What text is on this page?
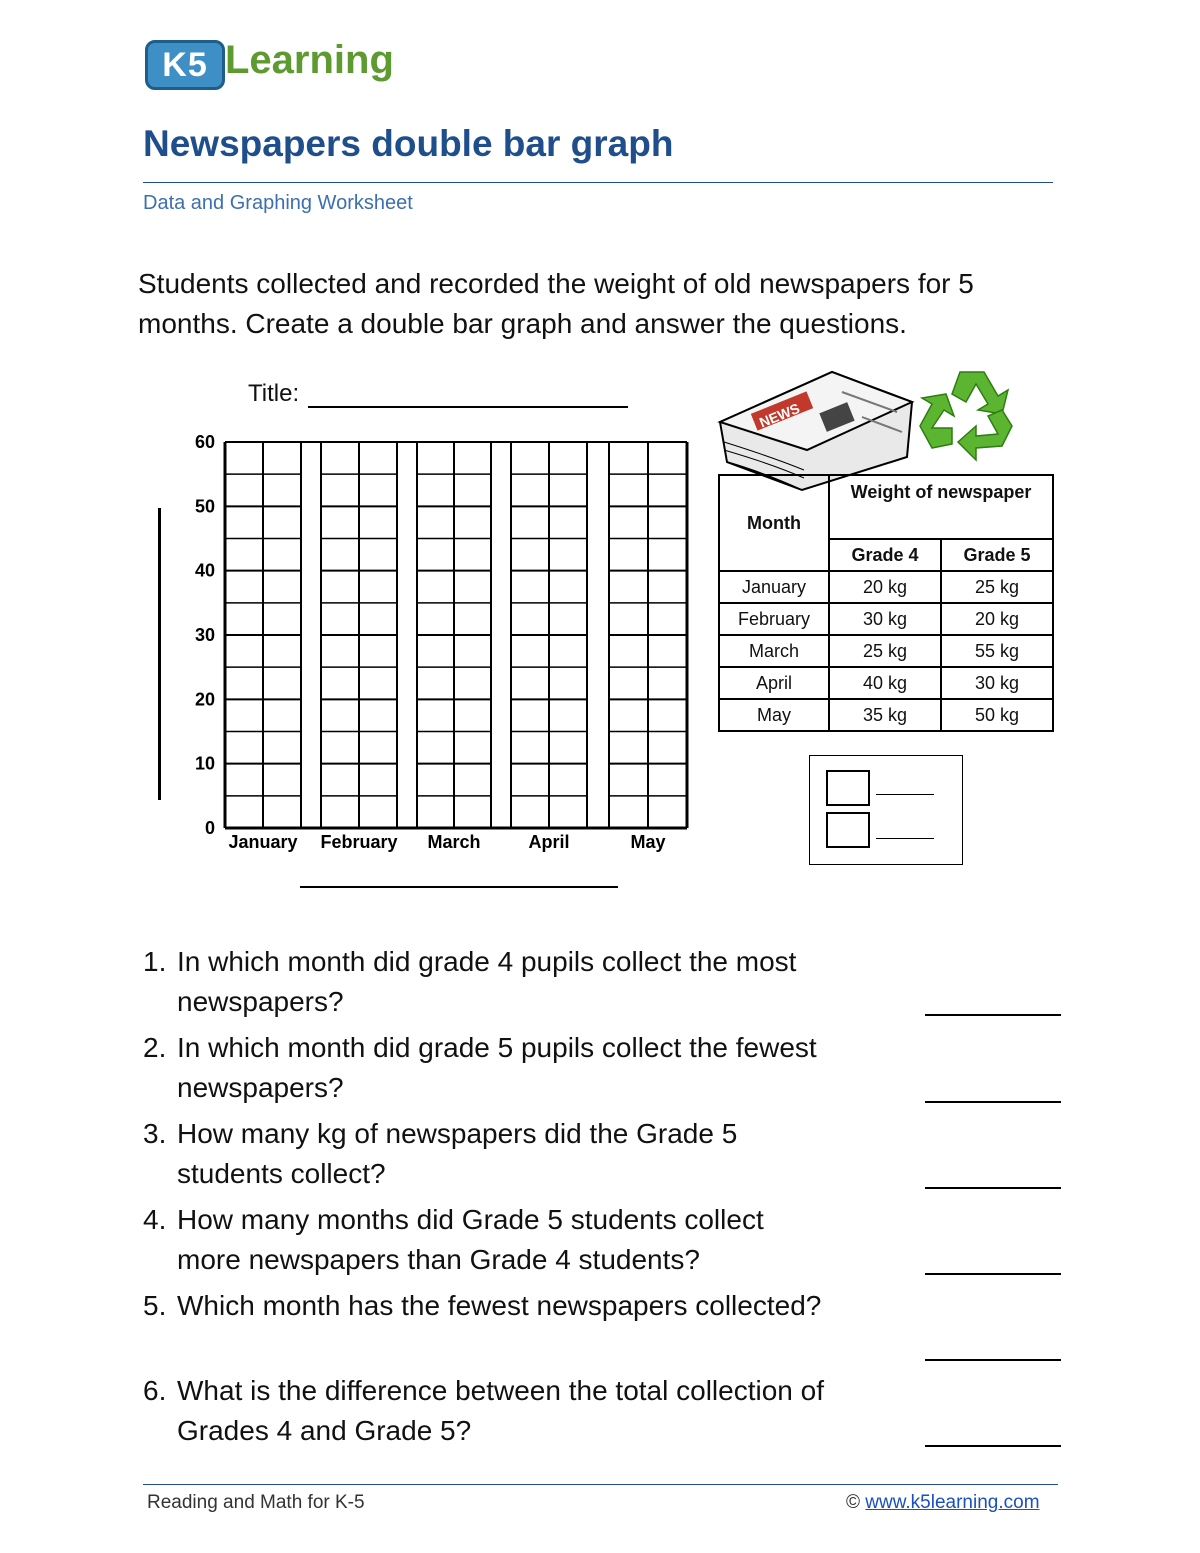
K5 Learning
Newspapers double bar graph
Data and Graphing Worksheet
Students collected and recorded the weight of old newspapers for 5 months. Create a double bar graph and answer the questions.
Title:
60
50
40
30
20
10
0
January February March	April	May
NEWS
Month	Weight of newspaper	
	Grade 4	Grade 5
January	20 kg	25 kg
February	30 kg	20 kg
March	25 kg	55 kg
April	40 kg	30 kg
May	35 kg	50 kg
1. In which month did grade 4 pupils collect the most
newspapers?
2. In which month did grade 5 pupils collect the fewest
newspapers?
3. How many kg of newspapers did the Grade 5
students collect?
4. How many months did Grade 5 students collect
more newspapers than Grade 4 students?
5. Which month has the fewest newspapers collected?
6. What is the difference between the total collection of
Grades 4 and Grade 5?
Reading and Math for K-5	© www.k5learning.com
